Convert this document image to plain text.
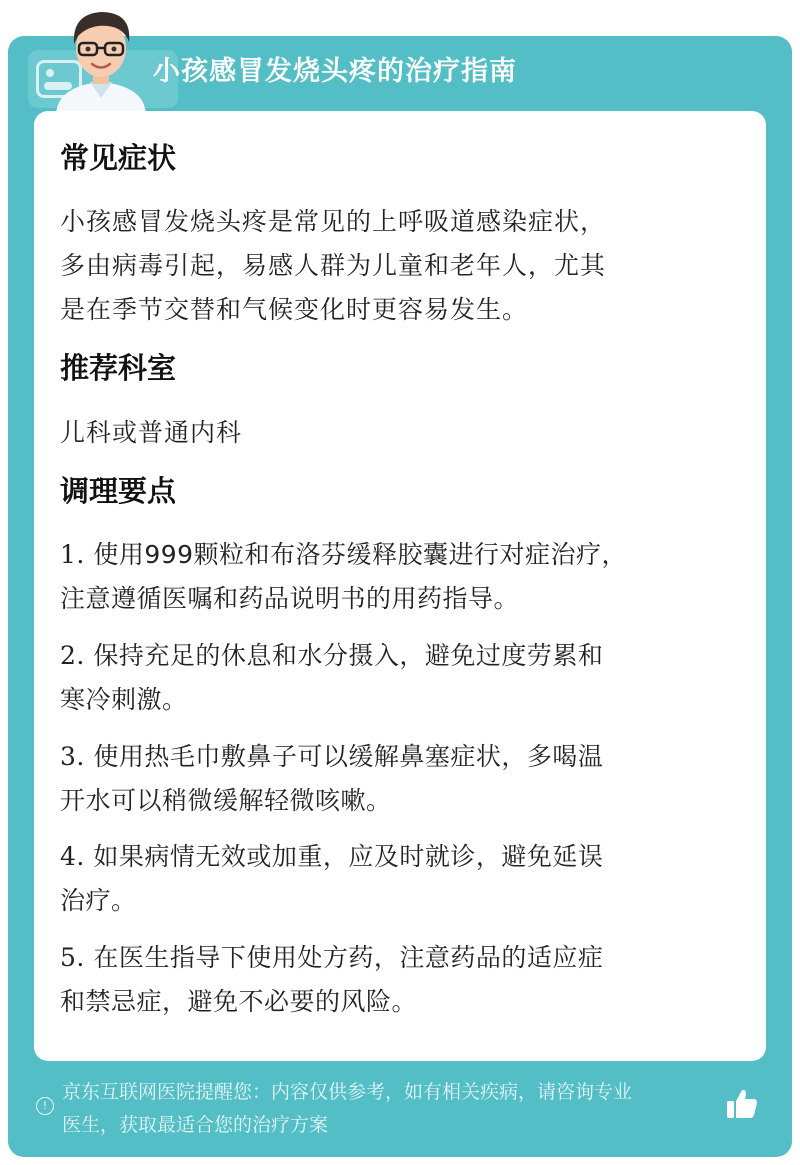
小孩感冒发烧头疼的治疗指南
常见症状
小孩感冒发烧头疼是常见的上呼吸道感染症状，
多由病毒引起，易感人群为儿童和老年人，尤其
是在季节交替和气候变化时更容易发生。
推荐科室
儿科或普通内科
调理要点
1. 使用999颗粒和布洛芬缓释胶囊进行对症治疗，
注意遵循医嘱和药品说明书的用药指导。
2. 保持充足的休息和水分摄入，避免过度劳累和
寒冷刺激。
3. 使用热毛巾敷鼻子可以缓解鼻塞症状，多喝温
开水可以稍微缓解轻微咳嗽。
4. 如果病情无效或加重，应及时就诊，避免延误
治疗。
5. 在医生指导下使用处方药，注意药品的适应症
和禁忌症，避免不必要的风险。
!
京东互联网医院提醒您：内容仅供参考，如有相关疾病，请咨询专业
医生，获取最适合您的治疗方案
